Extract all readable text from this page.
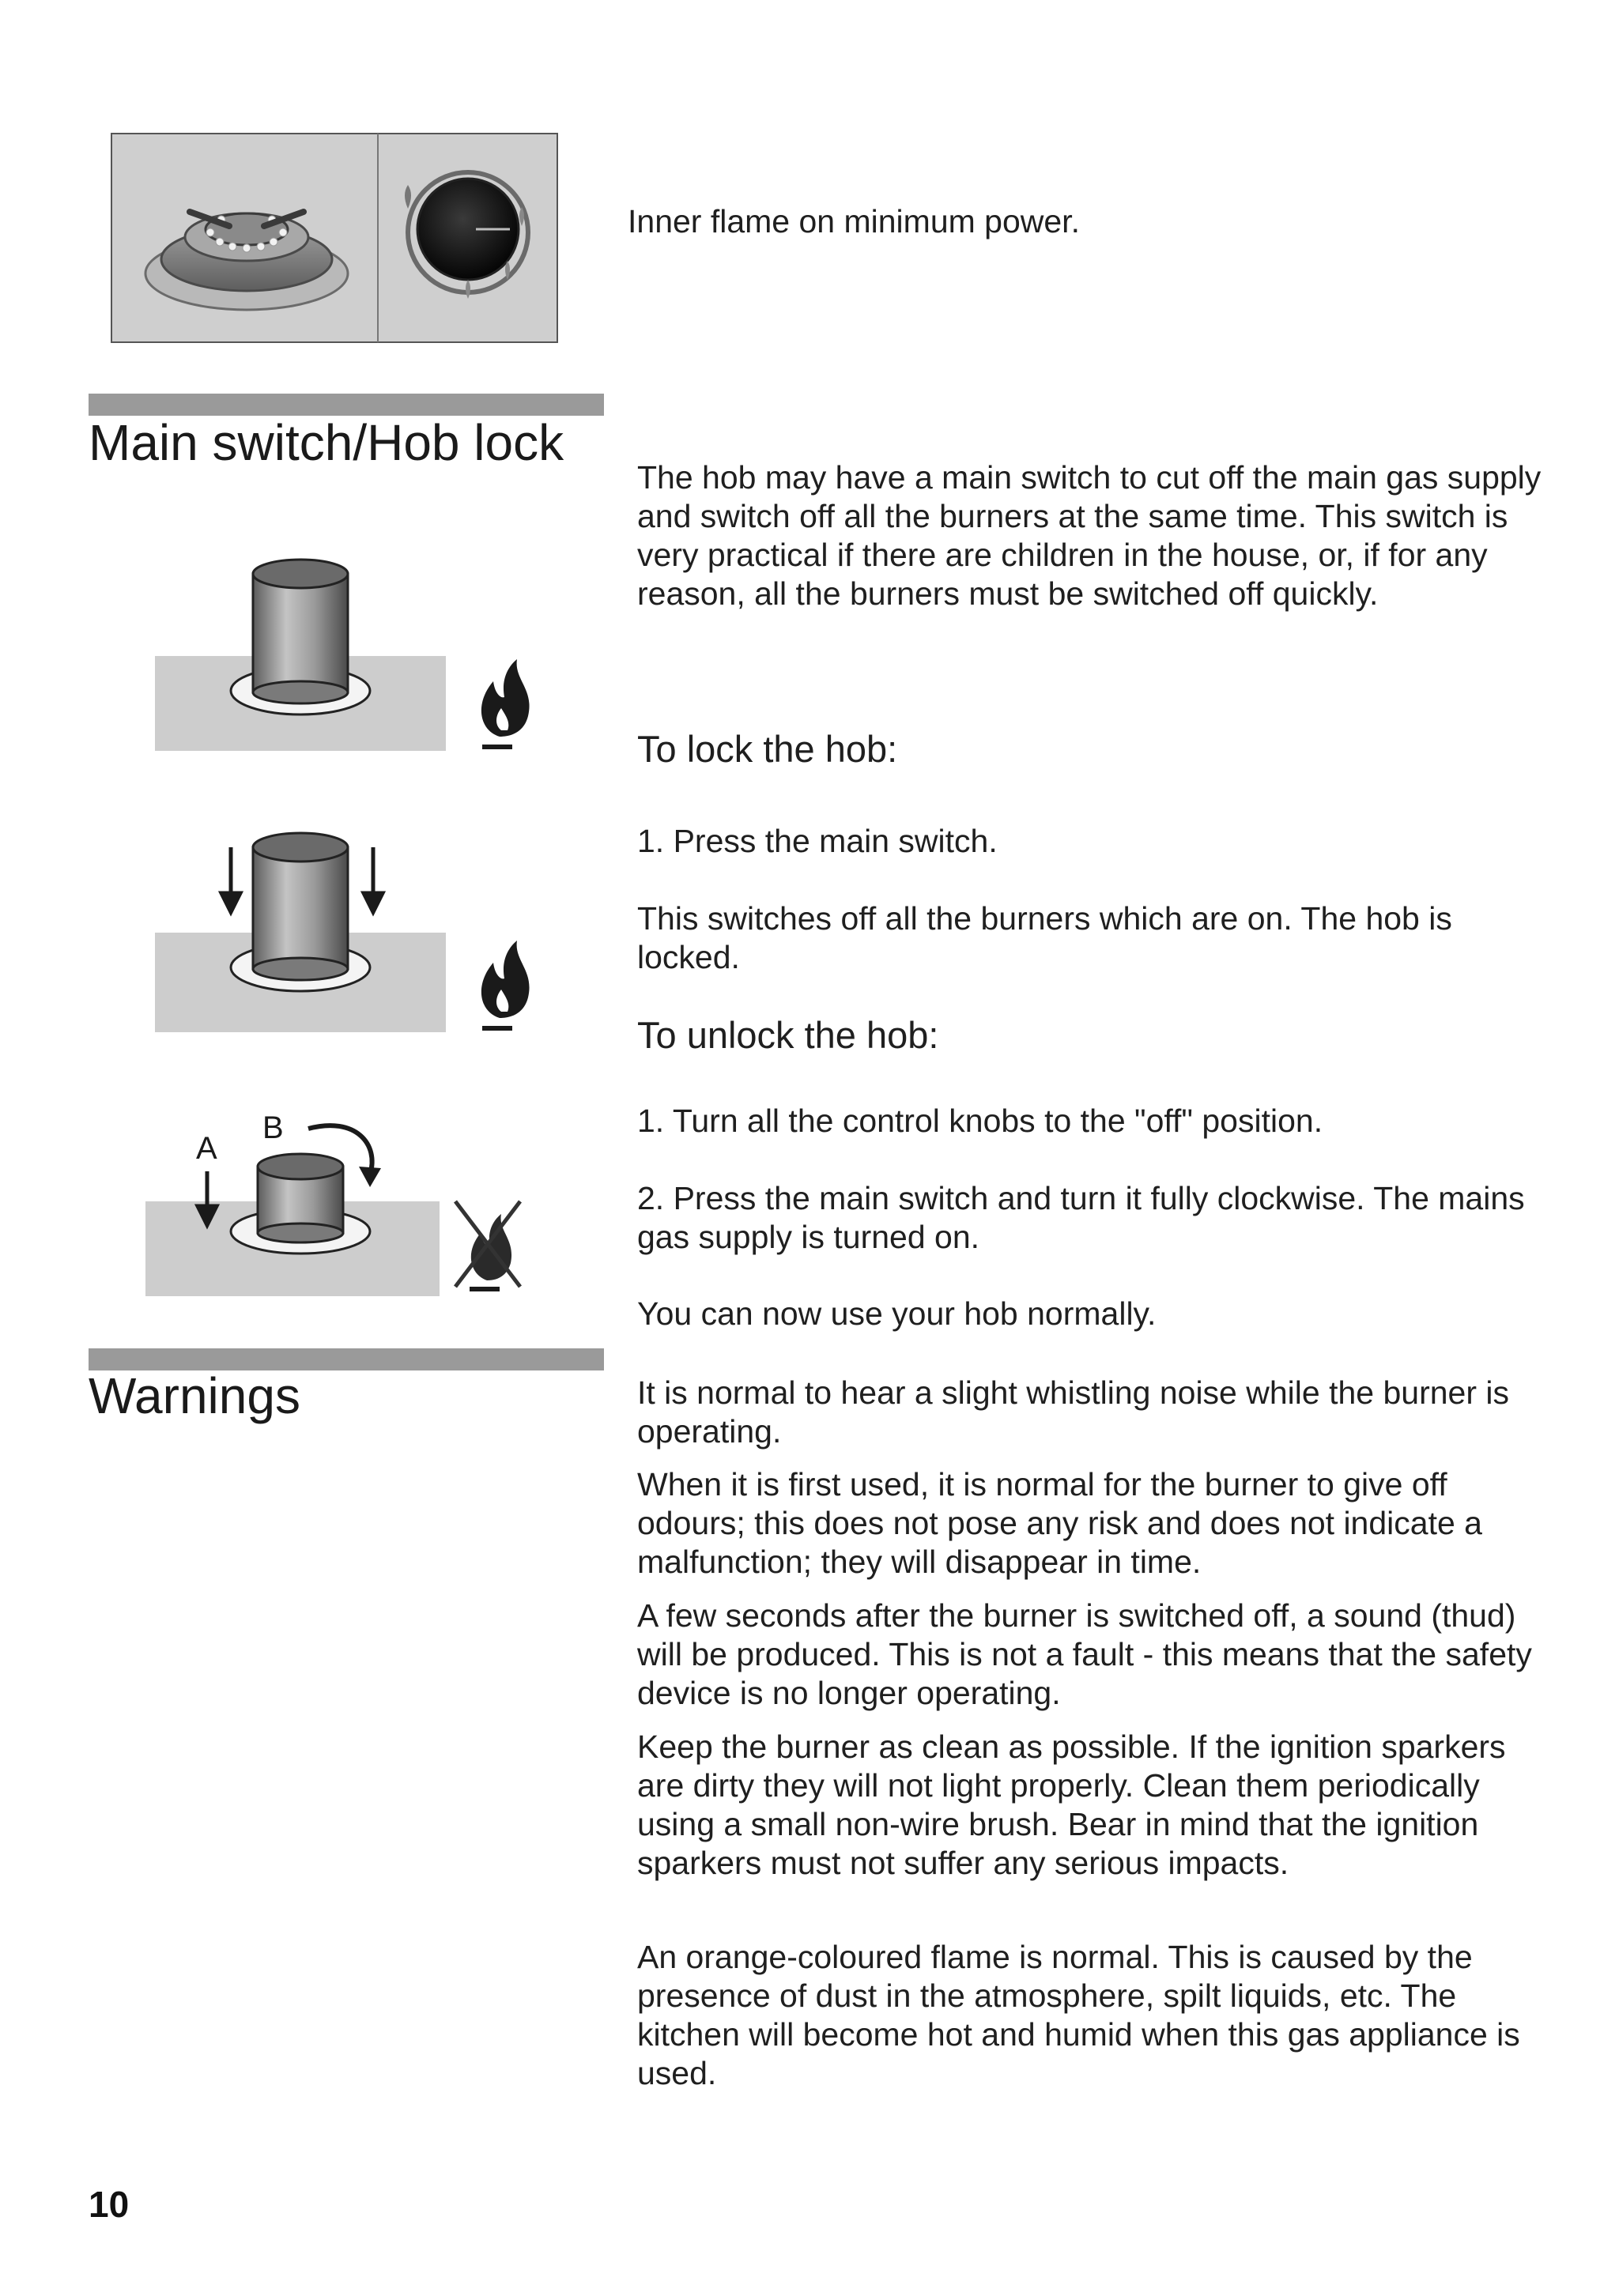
Inner flame on minimum power.

Main switch/Hob lock

The hob may have a main switch to cut off the main gas supply and switch off all the burners at the same time. This switch is very practical if there are children in the house, or, if for any reason, all the burners must be switched off quickly.

To lock the hob:

1. Press the main switch.

This switches off all the burners which are on. The hob is locked.

To unlock the hob:

1. Turn all the control knobs to the "off" position.

2. Press the main switch and turn it fully clockwise. The mains gas supply is turned on.

You can now use your hob normally.

A
B
Warnings	It is normal to hear a slight whistling noise while the burner is operating.

When it is first used, it is normal for the burner to give off odours; this does not pose any risk and does not indicate a malfunction; they will disappear in time.

A few seconds after the burner is switched off, a sound (thud) will be produced. This is not a fault - this means that the safety device is no longer operating.

Keep the burner as clean as possible. If the ignition sparkers are dirty they will not light properly. Clean them periodically using a small non-wire brush. Bear in mind that the ignition sparkers must not suffer any serious impacts.

An orange-coloured flame is normal. This is caused by the presence of dust in the atmosphere, spilt liquids, etc. The kitchen will become hot and humid when this gas appliance is used.

10
